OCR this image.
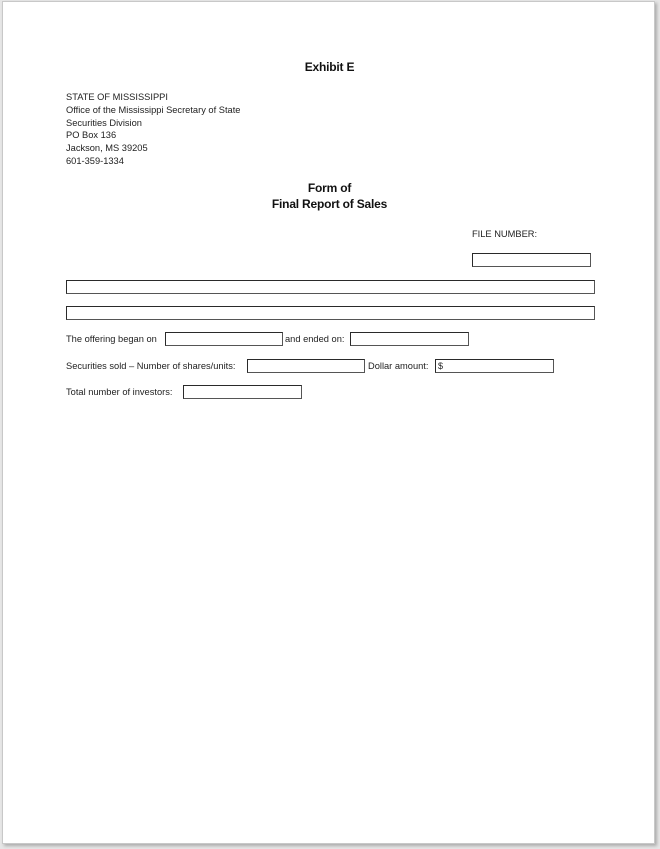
Exhibit E
STATE OF MISSISSIPPI
Office of the Mississippi Secretary of State
Securities Division
PO Box 136
Jackson, MS 39205
601-359-1334
Form of
Final Report of Sales
FILE NUMBER:
The offering began on	and ended on:
Securities sold – Number of shares/units:	Dollar amount:
$
Total number of investors:
